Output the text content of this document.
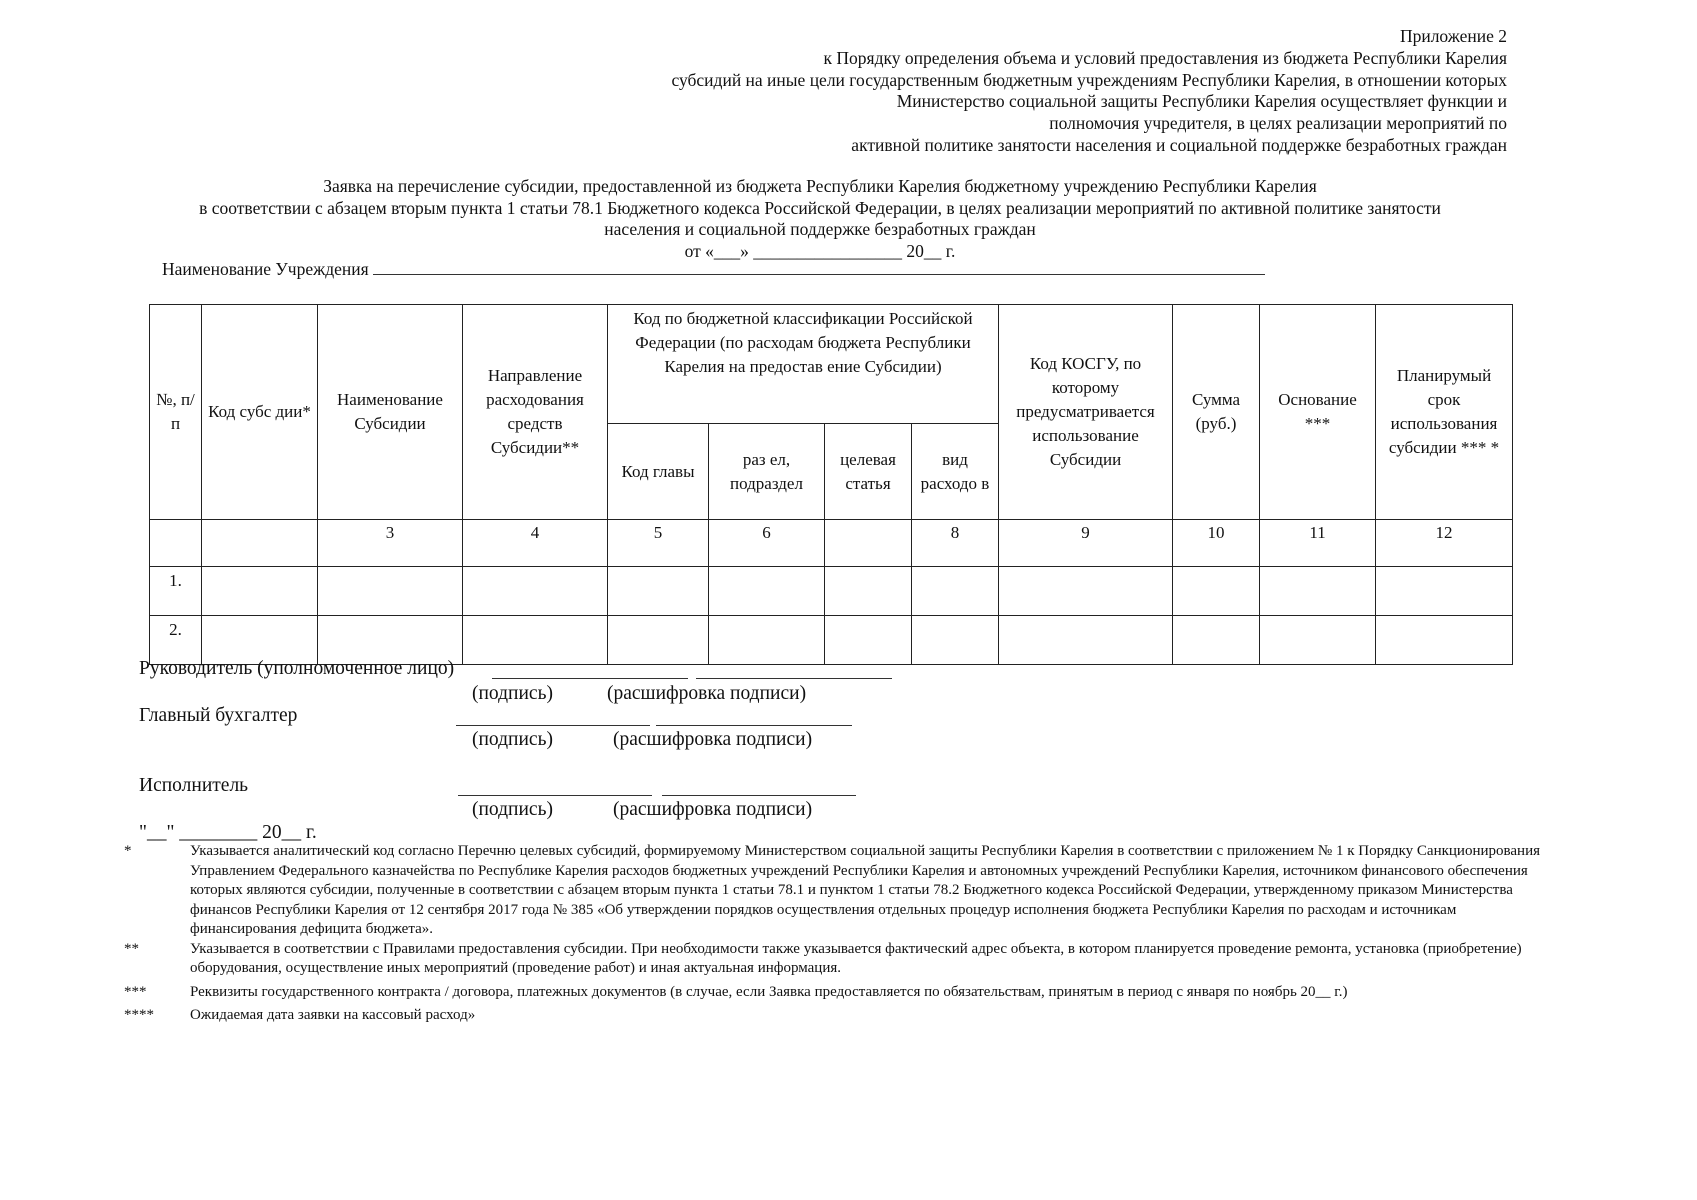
Приложение 2
к Порядку определения объема и условий предоставления из бюджета Республики Карелия
субсидий на иные цели государственным бюджетным учреждениям Республики Карелия, в отношении которых
Министерство социальной защиты Республики Карелия осуществляет функции и
полномочия учредителя, в целях реализации мероприятий по
активной политике занятости населения и социальной поддержке безработных граждан
Заявка на перечисление субсидии, предоставленной из бюджета Республики Карелия бюджетному учреждению Республики Карелия
в соответствии с абзацем вторым пункта 1 статьи 78.1 Бюджетного кодекса Российской Федерации, в целях реализации мероприятий по активной политике занятости
населения и социальной поддержке безработных граждан
от «___» _________________ 20__ г.
Наименование Учреждения
№, п/ п	Код субс дии*	Наименование Субсидии	Направление расходования средств Субсидии**	Код по бюджетной классификации Российской Федерации (по расходам бюджета Республики Карелия на предостав ение Субсидии)				Код КОСГУ, по которому предусматривается использование Субсидии	Сумма (руб.)	Основание ***	Планирумый срок использования субсидии *** *
				Код главы	раз ел, подраздел	целевая статья	вид расходо в				
		3	4	5	6		8	9	10	11	12
1.											
2.											
Руководитель (уполномоченное лицо)
(подпись)	(расшифровка подписи)
Главный бухгалтер
(подпись)	(расшифровка подписи)
Исполнитель
(подпись)	(расшифровка подписи)
"__" ________ 20__ г.
*	Указывается аналитический код согласно Перечню целевых субсидий, формируемому Министерством социальной защиты Республики Карелия в соответствии с приложением № 1 к Порядку Санкционирования Управлением Федерального казначейства по Республике Карелия расходов бюджетных учреждений Республики Карелия и автономных учреждений Республики Карелия, источником финансового обеспечения которых являются субсидии, полученные в соответствии с абзацем вторым пункта 1 статьи 78.1 и пунктом 1 статьи 78.2 Бюджетного кодекса Российской Федерации, утвержденному приказом Министерства финансов Республики Карелия от 12 сентября 2017 года № 385 «Об утверждении порядков осуществления отдельных процедур исполнения бюджета Республики Карелия по расходам и источникам финансирования дефицита бюджета».
**	Указывается в соответствии с Правилами предоставления субсидии. При необходимости также указывается фактический адрес объекта, в котором планируется проведение ремонта, установка (приобретение) оборудования, осуществление иных мероприятий (проведение работ) и иная актуальная информация.
***	Реквизиты государственного контракта / договора, платежных документов (в случае, если Заявка предоставляется по обязательствам, принятым в период с января по ноябрь 20__ г.)
****	Ожидаемая дата заявки на кассовый расход»
